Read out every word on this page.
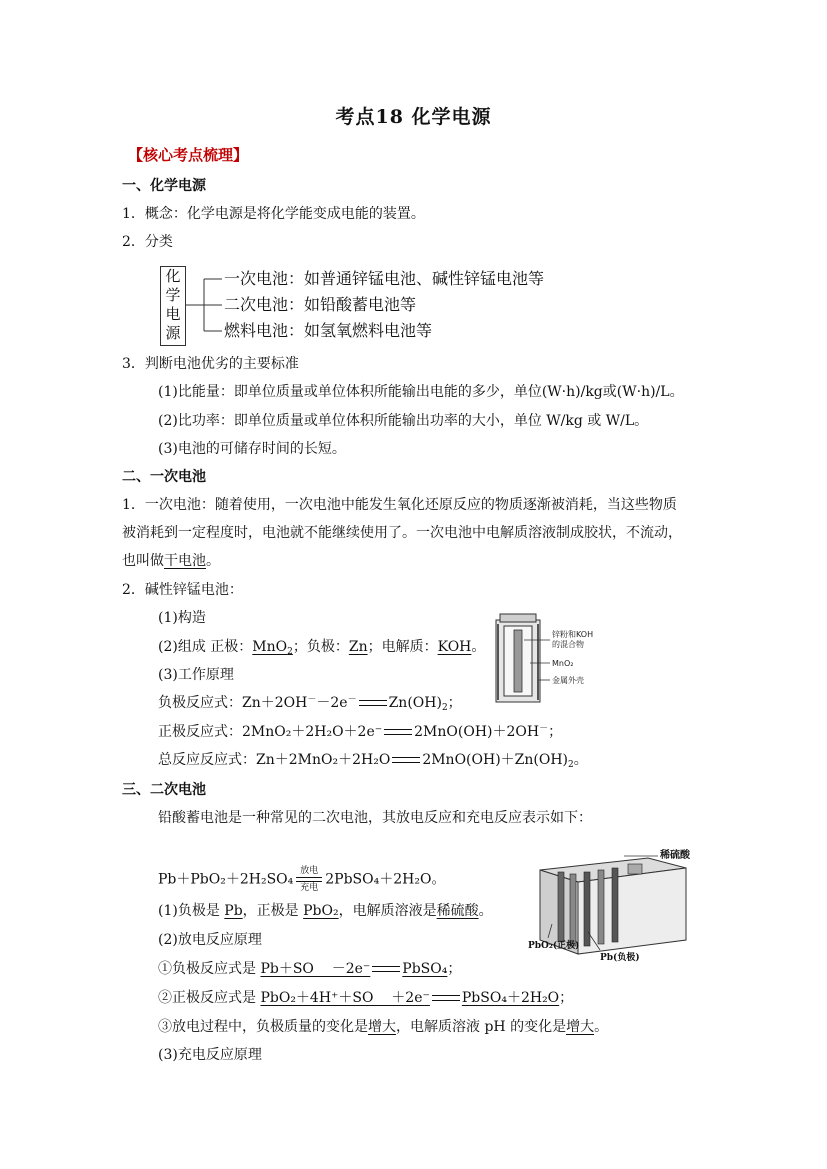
考点18 化学电源
【核心考点梳理】
一、化学电源
1．概念：化学电源是将化学能变成电能的装置。
2．分类
化
学
电
源
一次电池：如普通锌锰电池、碱性锌锰电池等
二次电池：如铅酸蓄电池等
燃料电池：如氢氧燃料电池等
3．判断电池优劣的主要标准
(1)比能量：即单位质量或单位体积所能输出电能的多少，单位(W·h)/kg或(W·h)/L。
(2)比功率：即单位质量或单位体积所能输出功率的大小，单位 W/kg 或 W/L。
(3)电池的可储存时间的长短。
二、一次电池
1．一次电池：随着使用，一次电池中能发生氧化还原反应的物质逐渐被消耗，当这些物质
被消耗到一定程度时，电池就不能继续使用了。一次电池中电解质溶液制成胶状，不流动，
也叫做干电池。
2．碱性锌锰电池：
(1)构造
(2)组成 正极：MnO$_2$；负极：Zn；电解质：KOH。
(3)工作原理
负极反应式：Zn＋2OH－－2e－ $Zn(OH)_2$；
正极反应式：2MnO₂＋2H₂O＋2e⁻ 2MnO(OH)＋2OH－；
总反应反应式：Zn＋2MnO₂＋2H₂O $2MnO(OH)+Zn(OH)_2$。
锌粉和KOH
的混合物
MnO₂
金属外壳
三、二次电池
铅酸蓄电池是一种常见的二次电池，其放电反应和充电反应表示如下：
Pb＋PbO₂＋2H₂SO₄放电
充电2PbSO₄＋2H₂O。
(1)负极是 Pb，正极是 PbO₂，电解质溶液是稀硫酸。
(2)放电反应原理
①负极反应式是 Pb＋SO    －2e⁻ PbSO₄；
②正极反应式是 PbO₂＋4H⁺＋SO    ＋2e⁻ PbSO₄＋2H₂O；
③放电过程中，负极质量的变化是增大，电解质溶液 pH 的变化是增大。
(3)充电反应原理
稀硫酸
PbO₂(正极)
Pb(负极)
